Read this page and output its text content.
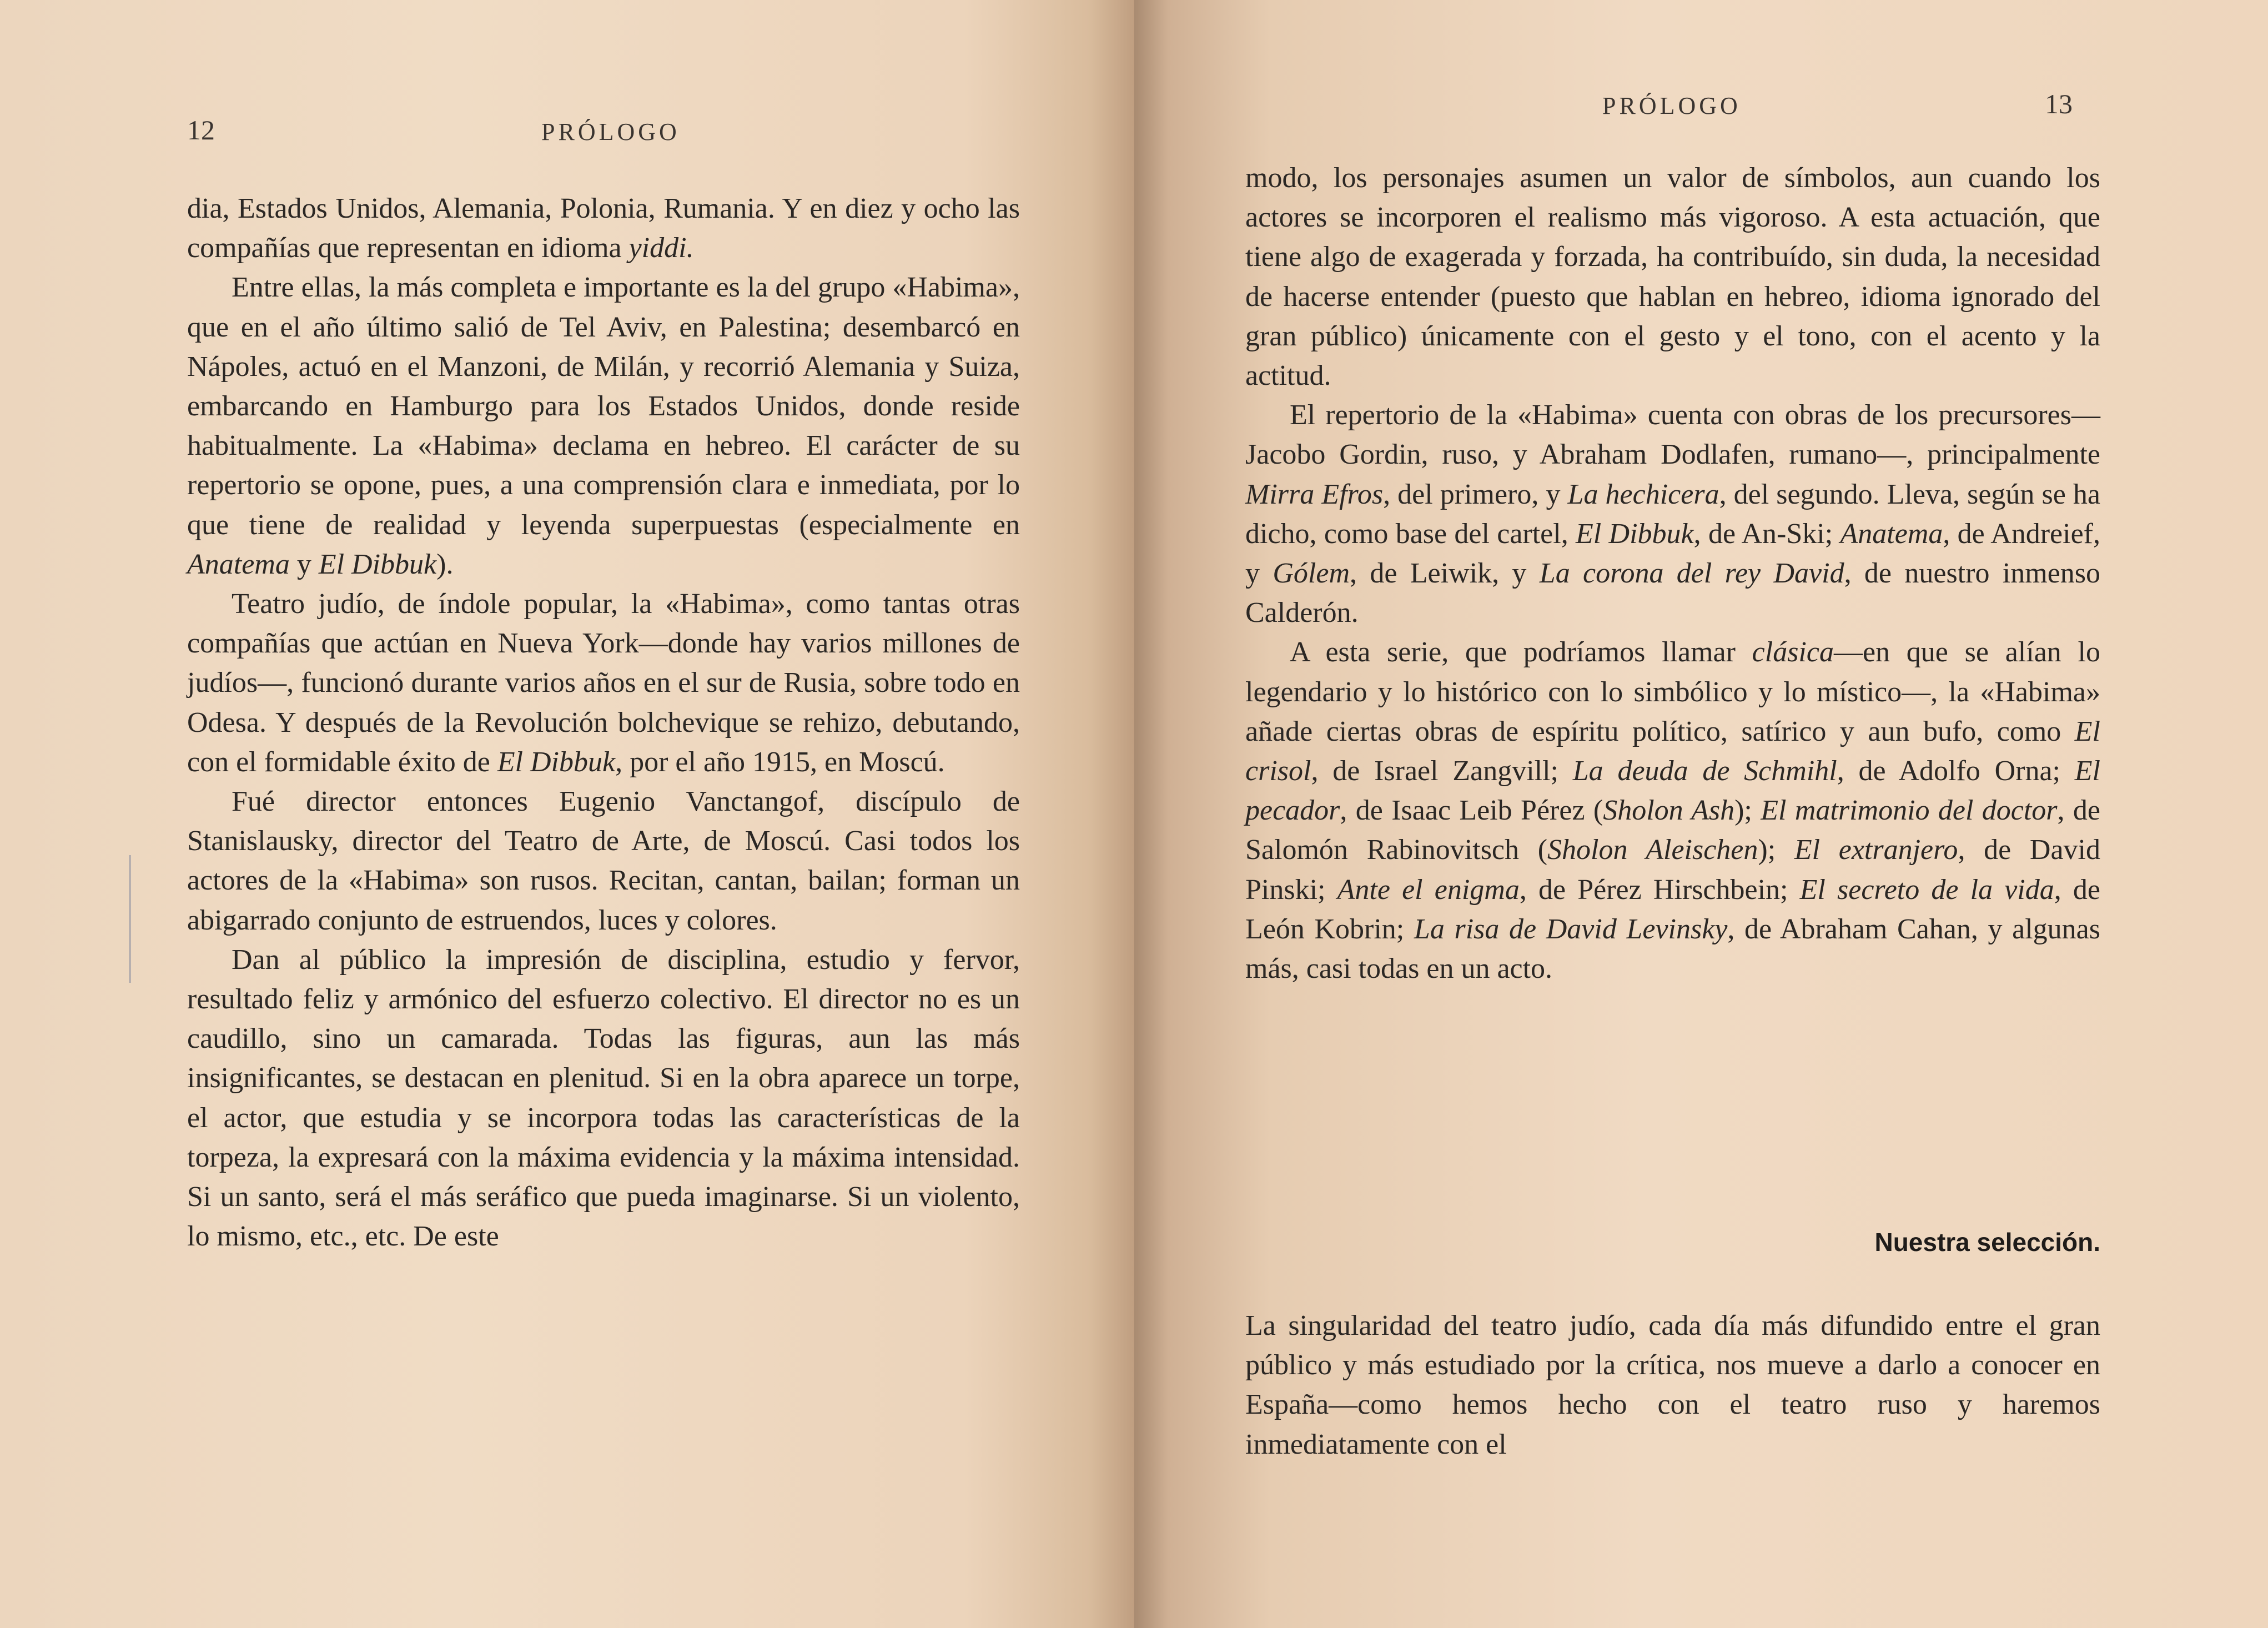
12	PRÓLOGO

dia, Estados Unidos, Alemania, Polonia, Rumania. Y en diez y ocho las compañías que representan en idioma yiddi.

Entre ellas, la más completa e importante es la del grupo «Habima», que en el año último salió de Tel Aviv, en Palestina; desembarcó en Nápoles, actuó en el Manzoni, de Milán, y recorrió Alemania y Suiza, embarcando en Hamburgo para los Estados Unidos, donde reside habitualmente. La «Habima» declama en hebreo. El carácter de su repertorio se opone, pues, a una comprensión clara e inmediata, por lo que tiene de realidad y leyenda superpuestas (especialmente en Anatema y El Dibbuk).

Teatro judío, de índole popular, la «Habima», como tantas otras compañías que actúan en Nueva York—donde hay varios millones de judíos—, funcionó durante varios años en el sur de Rusia, sobre todo en Odesa. Y después de la Revolución bolchevique se rehizo, debutando, con el formidable éxito de El Dibbuk, por el año 1915, en Moscú.

Fué director entonces Eugenio Vanctangof, discípulo de Stanislausky, director del Teatro de Arte, de Moscú. Casi todos los actores de la «Habima» son rusos. Recitan, cantan, bailan; forman un abigarrado conjunto de estruendos, luces y colores.

Dan al público la impresión de disciplina, estudio y fervor, resultado feliz y armónico del esfuerzo colectivo. El director no es un caudillo, sino un camarada. Todas las figuras, aun las más insignificantes, se destacan en plenitud. Si en la obra aparece un torpe, el actor, que estudia y se incorpora todas las características de la torpeza, la expresará con la máxima evidencia y la máxima intensidad. Si un santo, será el más seráfico que pueda imaginarse. Si un violento, lo mismo, etc., etc. De este

PRÓLOGO	13

modo, los personajes asumen un valor de símbolos, aun cuando los actores se incorporen el realismo más vigoroso. A esta actuación, que tiene algo de exagerada y forzada, ha contribuído, sin duda, la necesidad de hacerse entender (puesto que hablan en hebreo, idioma ignorado del gran público) únicamente con el gesto y el tono, con el acento y la actitud.

El repertorio de la «Habima» cuenta con obras de los precursores—Jacobo Gordin, ruso, y Abraham Dodlafen, rumano—, principalmente Mirra Efros, del primero, y La hechicera, del segundo. Lleva, según se ha dicho, como base del cartel, El Dibbuk, de An-Ski; Anatema, de Andreief, y Gólem, de Leiwik, y La corona del rey David, de nuestro inmenso Calderón.

A esta serie, que podríamos llamar clásica—en que se alían lo legendario y lo histórico con lo simbólico y lo místico—, la «Habima» añade ciertas obras de espíritu político, satírico y aun bufo, como El crisol, de Israel Zangvill; La deuda de Schmihl, de Adolfo Orna; El pecador, de Isaac Leib Pérez (Sholon Ash); El matrimonio del doctor, de Salomón Rabinovitsch (Sholon Aleischen); El extranjero, de David Pinski; Ante el enigma, de Pérez Hirschbein; El secreto de la vida, de León Kobrin; La risa de David Levinsky, de Abraham Cahan, y algunas más, casi todas en un acto.

Nuestra selección.

La singularidad del teatro judío, cada día más difundido entre el gran público y más estudiado por la crítica, nos mueve a darlo a conocer en España—como hemos hecho con el teatro ruso y haremos inmediatamente con el
